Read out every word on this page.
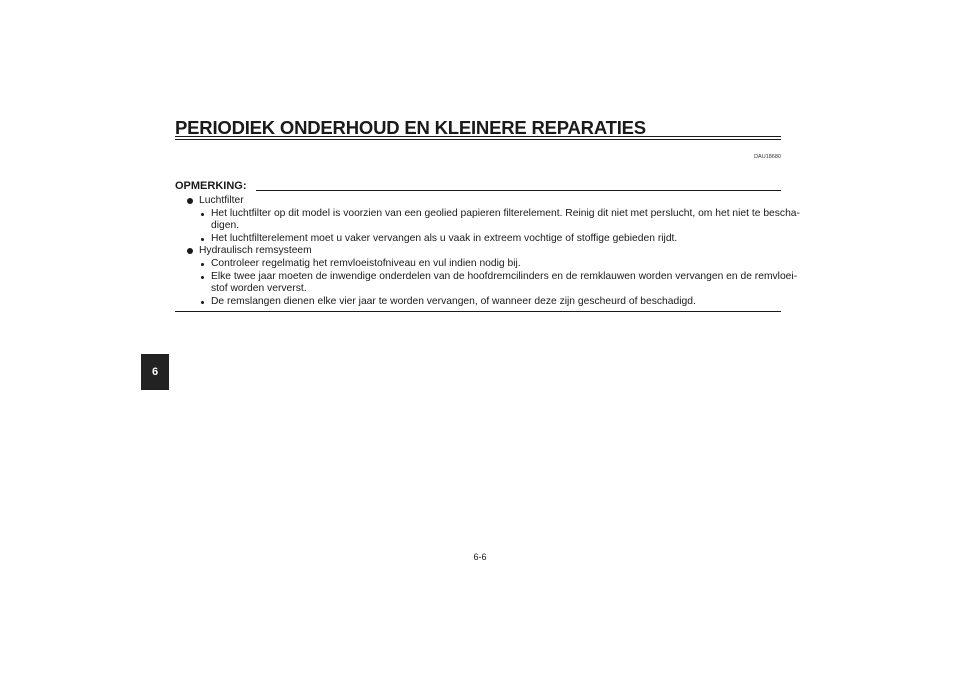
PERIODIEK ONDERHOUD EN KLEINERE REPARATIES
DAU18680
OPMERKING:
Luchtfilter
Het luchtfilter op dit model is voorzien van een geolied papieren filterelement. Reinig dit niet met perslucht, om het niet te bescha-
digen.
Het luchtfilterelement moet u vaker vervangen als u vaak in extreem vochtige of stoffige gebieden rijdt.
Hydraulisch remsysteem
Controleer regelmatig het remvloeistofniveau en vul indien nodig bij.
Elke twee jaar moeten de inwendige onderdelen van de hoofdremcilinders en de remklauwen worden vervangen en de remvloei-
stof worden ververst.
De remslangen dienen elke vier jaar te worden vervangen, of wanneer deze zijn gescheurd of beschadigd.
6
6-6
